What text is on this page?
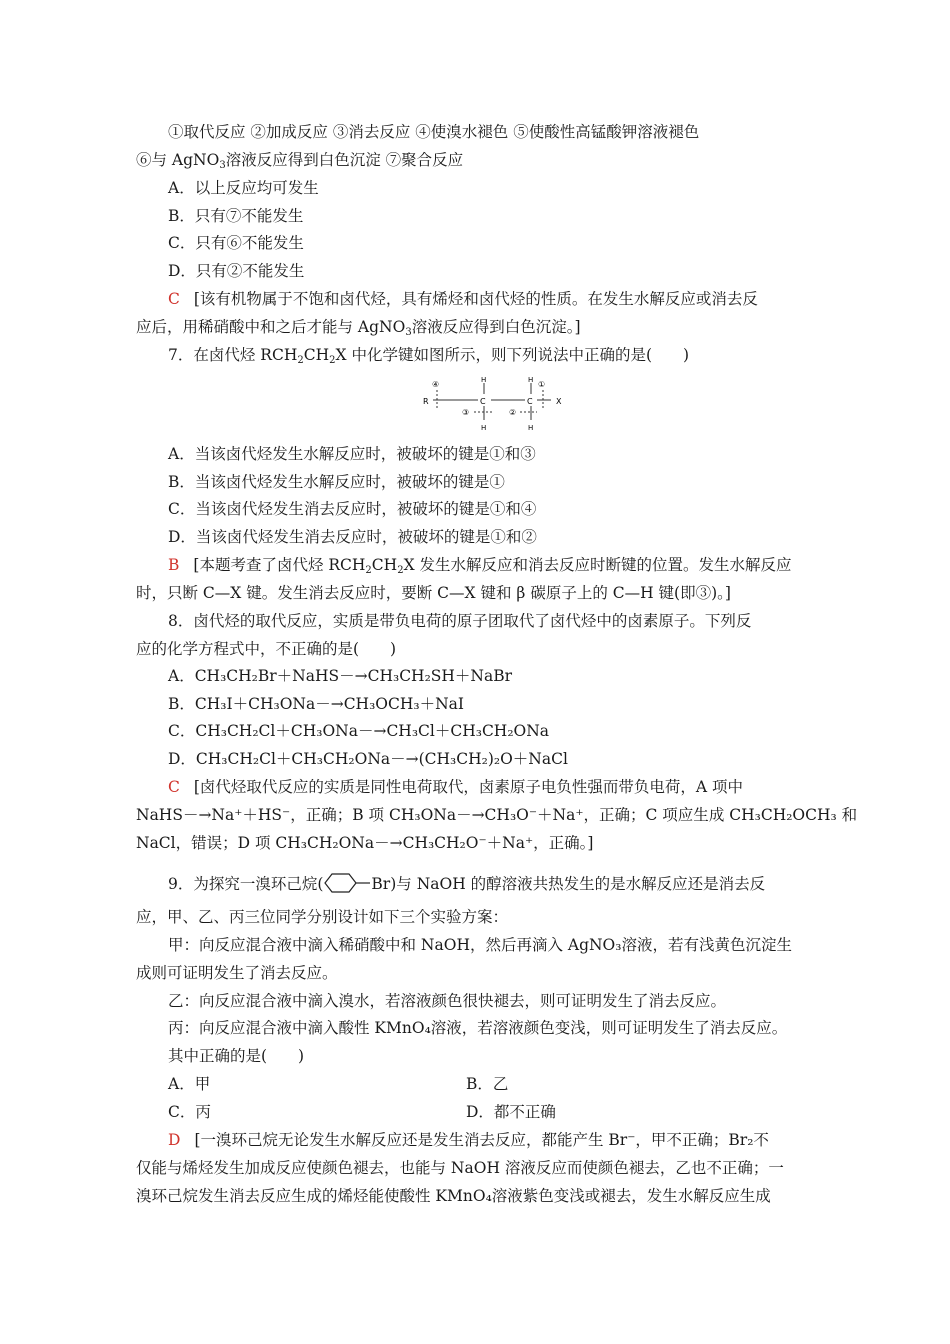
①取代反应 ②加成反应 ③消去反应 ④使溴水褪色 ⑤使酸性高锰酸钾溶液褪色
⑥与 AgNO$_3$溶液反应得到白色沉淀 ⑦聚合反应
A．以上反应均可发生
B．只有⑦不能发生
C．只有⑥不能发生
D．只有②不能发生
C [该有机物属于不饱和卤代烃，具有烯烃和卤代烃的性质。在发生水解反应或消去反
应后，用稀硝酸中和之后才能与 AgNO$_3$溶液反应得到白色沉淀。]
7．在卤代烃 $RCH_2CH_2X$ 中化学键如图所示，则下列说法中正确的是(　　)
R	C	C	X
H	H
H	H
④	①
③	②
A．当该卤代烃发生水解反应时，被破坏的键是①和③
B．当该卤代烃发生水解反应时，被破坏的键是①
C．当该卤代烃发生消去反应时，被破坏的键是①和④
D．当该卤代烃发生消去反应时，被破坏的键是①和②
B [本题考查了卤代烃 $RCH_2CH_2X$ 发生水解反应和消去反应时断键的位置。发生水解反应
时，只断 C—X 键。发生消去反应时，要断 C—X 键和 β 碳原子上的 C—H 键(即③)。]
8．卤代烃的取代反应，实质是带负电荷的原子团取代了卤代烃中的卤素原子。下列反
应的化学方程式中，不正确的是(　　)
A．CH₃CH₂Br＋NaHS－→CH₃CH₂SH＋NaBr
B．CH₃I＋CH₃ONa－→CH₃OCH₃＋NaI
C．CH₃CH₂Cl＋CH₃ONa－→CH₃Cl＋CH₃CH₂ONa
D．CH₃CH₂Cl＋CH₃CH₂ONa－→(CH₃CH₂)₂O＋NaCl
C [卤代烃取代反应的实质是同性电荷取代，卤素原子电负性强而带负电荷，A 项中
NaHS－→Na⁺＋HS⁻，正确；B 项 CH₃ONa－→CH₃O⁻＋Na⁺，正确；C 项应生成 CH₃CH₂OCH₃ 和
NaCl，错误；D 项 CH₃CH₂ONa－→CH₃CH₂O⁻＋Na⁺，正确。]
9．为探究一溴环己烷(	Br)与 NaOH 的醇溶液共热发生的是水解反应还是消去反
应，甲、乙、丙三位同学分别设计如下三个实验方案：
甲：向反应混合液中滴入稀硝酸中和 NaOH，然后再滴入 AgNO₃溶液，若有浅黄色沉淀生
成则可证明发生了消去反应。
乙：向反应混合液中滴入溴水，若溶液颜色很快褪去，则可证明发生了消去反应。
丙：向反应混合液中滴入酸性 KMnO₄溶液，若溶液颜色变浅，则可证明发生了消去反应。
其中正确的是(　　)
A．甲	B．乙
C．丙	D．都不正确
D [一溴环己烷无论发生水解反应还是发生消去反应，都能产生 Br⁻，甲不正确；Br₂不
仅能与烯烃发生加成反应使颜色褪去，也能与 NaOH 溶液反应而使颜色褪去，乙也不正确；一
溴环己烷发生消去反应生成的烯烃能使酸性 KMnO₄溶液紫色变浅或褪去，发生水解反应生成
